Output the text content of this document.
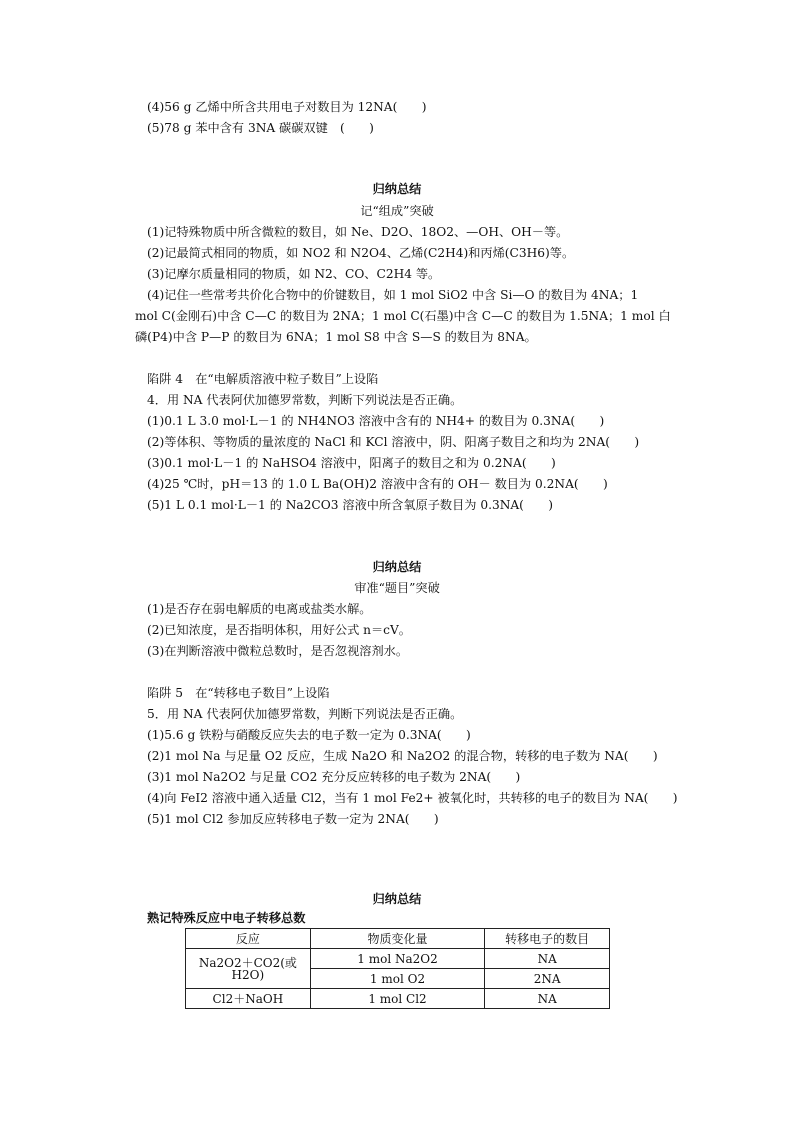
(4)56 g 乙烯中所含共用电子对数目为 12NA(　　)
(5)78 g 苯中含有 3NA 碳碳双键　(　　)
归纳总结
记“组成”突破
(1)记特殊物质中所含微粒的数目，如 Ne、D2O、18O2、—OH、OH－等。
(2)记最简式相同的物质，如 NO2 和 N2O4、乙烯(C2H4)和丙烯(C3H6)等。
(3)记摩尔质量相同的物质，如 N2、CO、C2H4 等。
(4)记住一些常考共价化合物中的价键数目，如 1 mol SiO2 中含 Si—O 的数目为 4NA；1
mol C(金刚石)中含 C—C 的数目为 2NA；1 mol C(石墨)中含 C—C 的数目为 1.5NA；1 mol 白
磷(P4)中含 P—P 的数目为 6NA；1 mol S8 中含 S—S 的数目为 8NA。
陷阱 4　在“电解质溶液中粒子数目”上设陷
4．用 NA 代表阿伏加德罗常数，判断下列说法是否正确。
(1)0.1 L 3.0 mol·L－1 的 NH4NO3 溶液中含有的 NH4+ 的数目为 0.3NA(　　)
(2)等体积、等物质的量浓度的 NaCl 和 KCl 溶液中，阴、阳离子数目之和均为 2NA(　　)
(3)0.1 mol·L－1 的 NaHSO4 溶液中，阳离子的数目之和为 0.2NA(　　)
(4)25 ℃时，pH＝13 的 1.0 L Ba(OH)2 溶液中含有的 OH－ 数目为 0.2NA(　　)
(5)1 L 0.1 mol·L－1 的 Na2CO3 溶液中所含氧原子数目为 0.3NA(　　)
归纳总结
审准“题目”突破
(1)是否存在弱电解质的电离或盐类水解。
(2)已知浓度，是否指明体积，用好公式 n＝cV。
(3)在判断溶液中微粒总数时，是否忽视溶剂水。
陷阱 5　在“转移电子数目”上设陷
5．用 NA 代表阿伏加德罗常数，判断下列说法是否正确。
(1)5.6 g 铁粉与硝酸反应失去的电子数一定为 0.3NA(　　)
(2)1 mol Na 与足量 O2 反应，生成 Na2O 和 Na2O2 的混合物，转移的电子数为 NA(　　)
(3)1 mol Na2O2 与足量 CO2 充分反应转移的电子数为 2NA(　　)
(4)向 FeI2 溶液中通入适量 Cl2，当有 1 mol Fe2+ 被氧化时，共转移的电子的数目为 NA(　　)
(5)1 mol Cl2 参加反应转移电子数一定为 2NA(　　)
归纳总结
熟记特殊反应中电子转移总数
反应	物质变化量	转移电子的数目
Na2O2＋CO2(或 H2O)	1 mol Na2O2	NA
	1 mol O2	2NA
Cl2＋NaOH	1 mol Cl2	NA
